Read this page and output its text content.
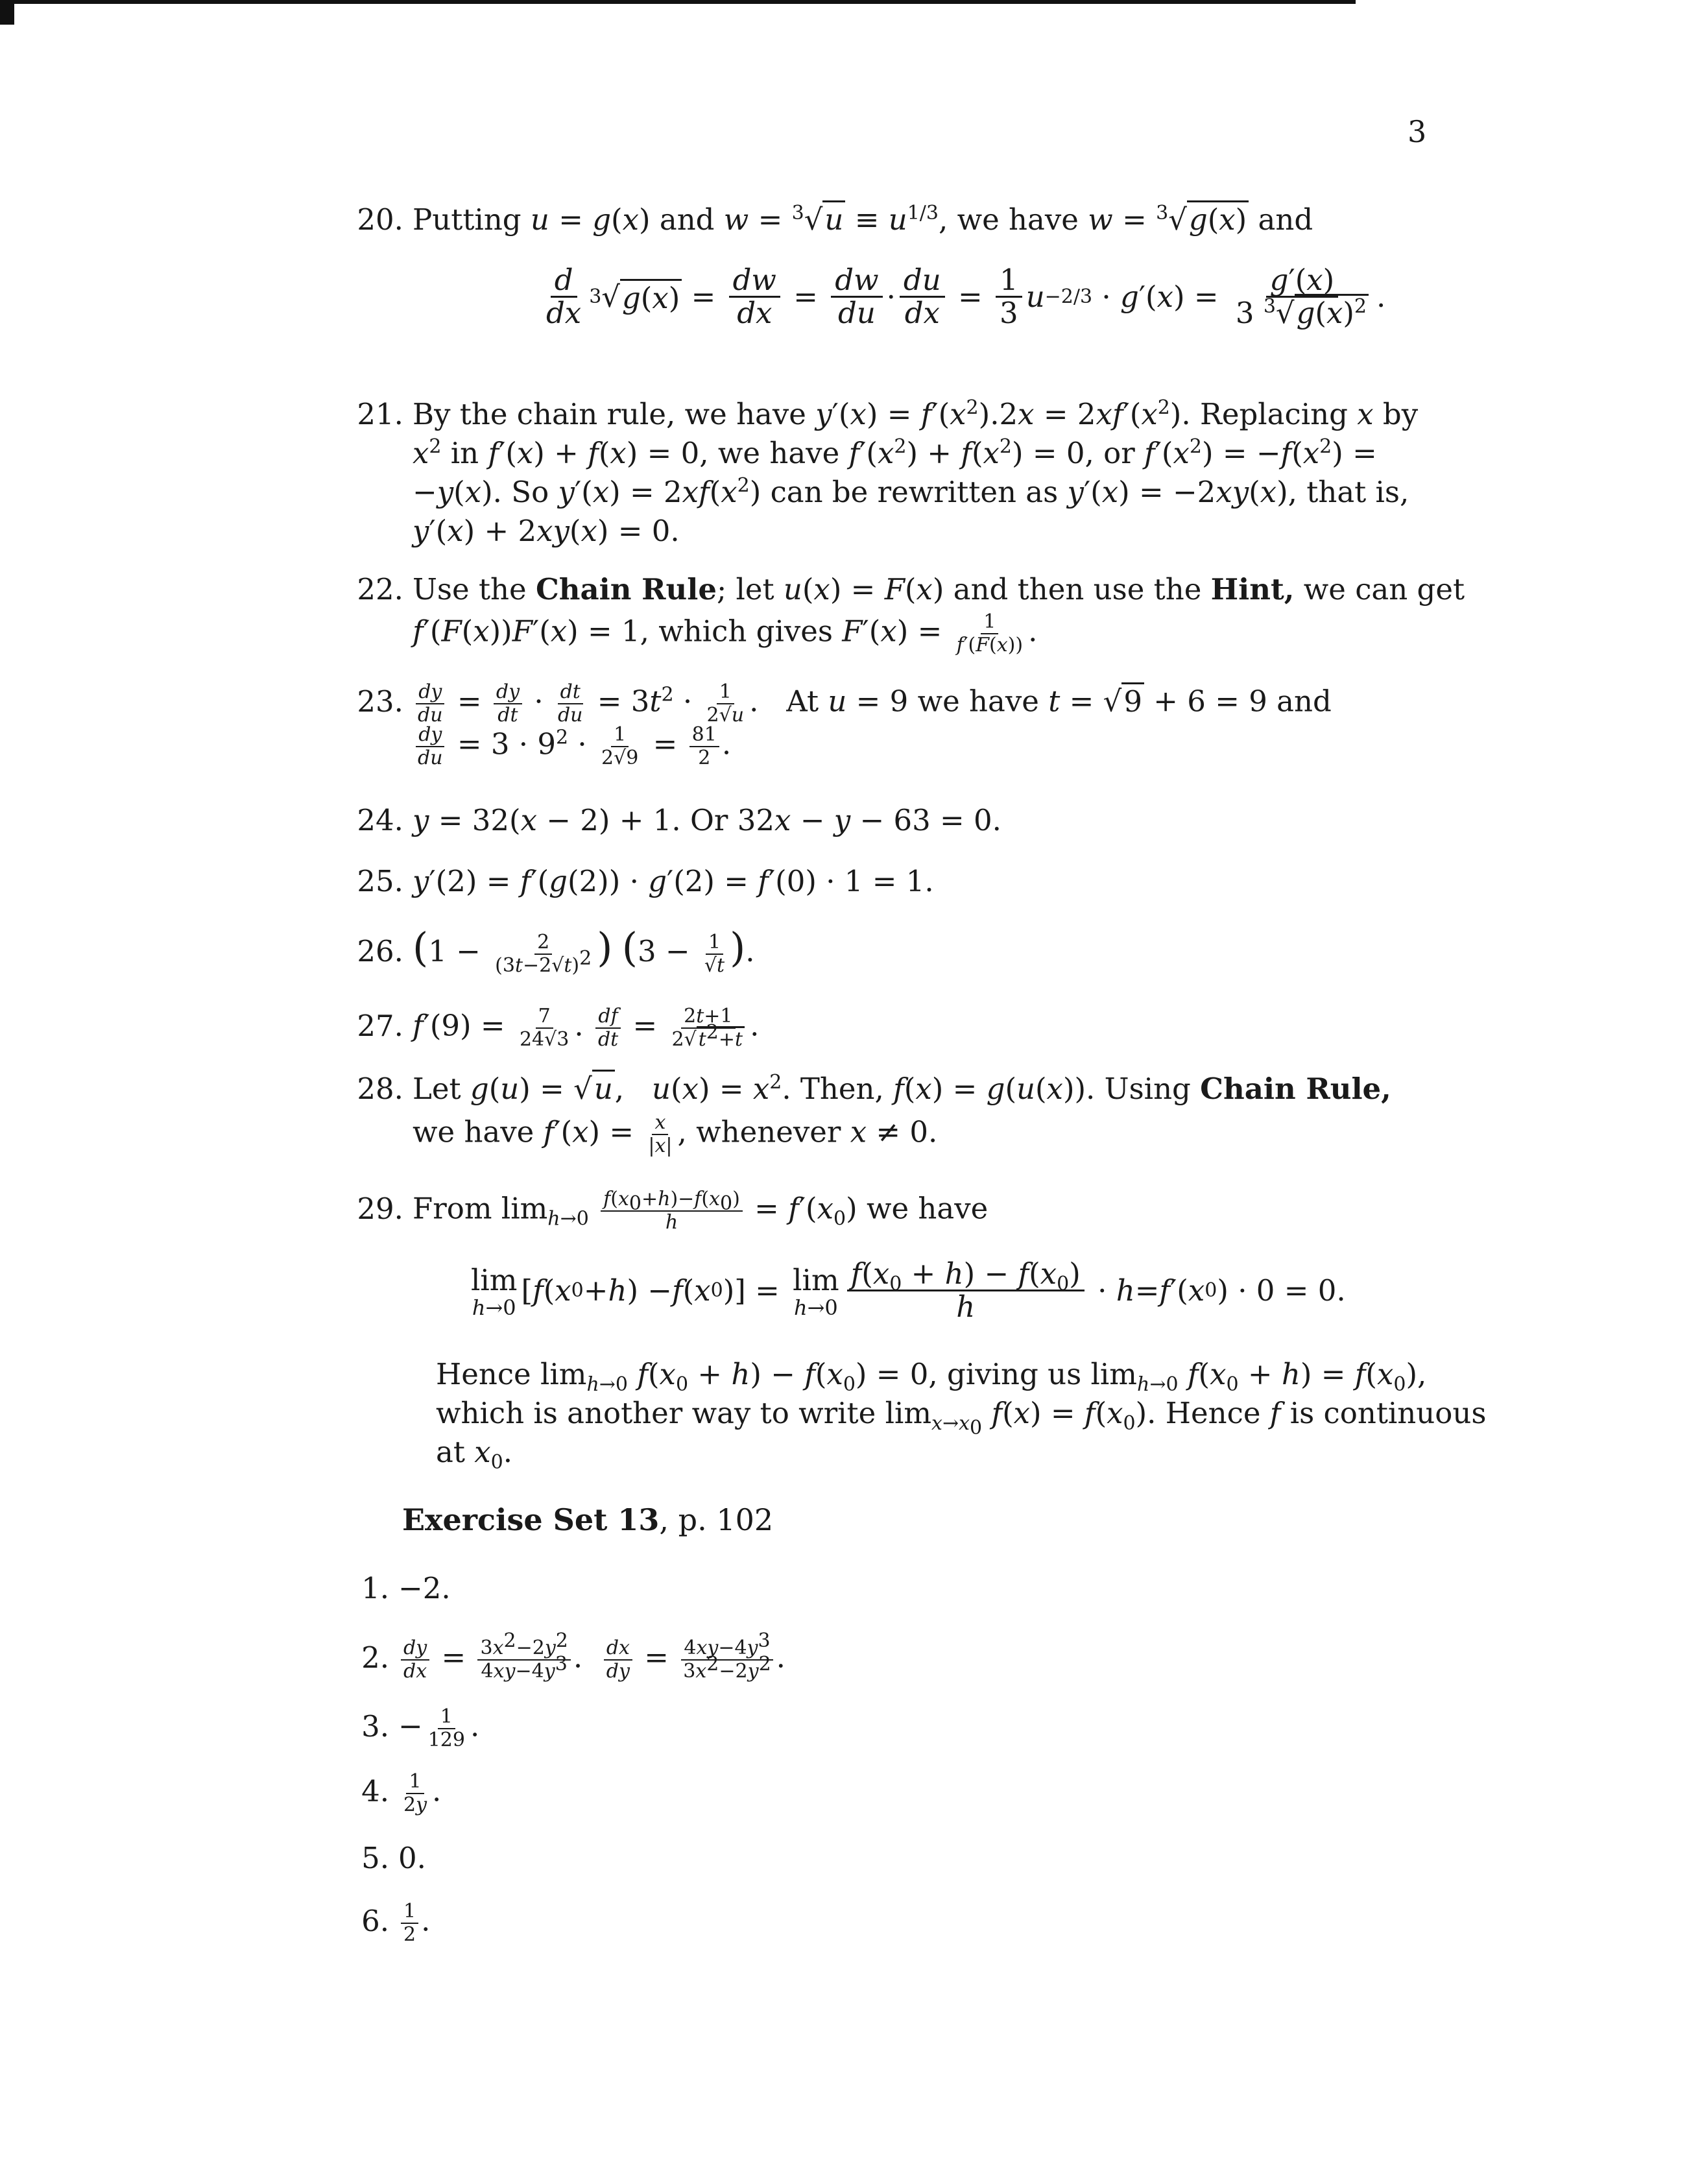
3
20. Putting u = g(x) and $w = ^3√u \equiv u^{1/3}$, we have w = $^3$√g(x) and
$\frac{d}{dx} 3$ √ $g(x) = \frac{dw}{dx} = \frac{dw}{du} \cdot \frac{du}{dx} = \frac{1}{3}$ u −2/3 · g ′( x ) = $\frac{g'(x)}{3 ^3√g(x)^2}$ .
21. By the chain rule, we have $y'(x) = f'(x^2).2x = 2xf'(x^2)$. Replacing x by
$x^2$ in f′(x) + f(x) = 0, we have $f'(x^2) + f(x^2) = 0$, or $f'(x^2) = -f(x^2)$ =
−y(x). So $y'(x) = 2xf(x^2)$ can be rewritten as y′(x) = −2xy(x), that is,
y′(x) + 2xy(x) = 0.
22. Use the Chain Rule; let u(x) = F(x) and then use the Hint, we can get
f′(F(x))F′(x) = 1, which gives $F'(x) = \frac{1}{f'(F(x))}$ .
23. $\frac{dy}{du} = \frac{dy}{dt} \cdot \frac{dt}{du} = 3t^2 \cdot \frac{1}{2√u}$ .   At u = 9 we have t = √9 + 6 = 9 and
$\frac{dy}{du} = 3 \cdot 9^2 \cdot \frac{1}{2√9} = \frac{81}{2}$ .
24. y = 32(x − 2) + 1. Or 32x − y − 63 = 0.
25. y′(2) = f′(g(2)) · g′(2) = f′(0) · 1 = 1.
26. ($1 - \frac{2}{(3t-2√t)^2}$ ) ($3 - \frac{1}{√t}$ ).
27. $f'(9) = \frac{7}{24√3}$ . $\frac{df}{dt} = \frac{2t+1}{2√ t^2+t}$ .
28. Let g(u) = √u,   $u(x) = x^2$. Then, f(x) = g(u(x)). Using Chain Rule,
we have $f'(x) = \frac{x}{|x|}$ , whenever x ≠ 0.
29. From $\lim_{h\to 0} \frac{f(x_0+h)-f(x_0)}{h} = f'(x_0)$ we have
lim
h→0 [ f ( x 0 + h ) − f ( x 0 )] = lim
$h\to 0 \frac{f(x_0 + h) - f(x_0)}{h} \cdot h = f$ ′( x 0 ) · 0 = 0.
Hence $\lim_{h\to 0} f(x_0 + h) - f(x_0) = 0$, giving us $\lim_{h\to 0} f(x_0 + h) = f(x_0)$,
which is another way to write $\lim_{x\to x_0} f(x) = f(x_0)$. Hence f is continuous
at $x_0$.
Exercise Set 13, p. 102
1. −2.
2. $\frac{dy}{dx} = \frac{3x^2-2y^2}{4xy-4y^3}$ . $\frac{dx}{dy} = \frac{4xy-4y^3}{3x^2-2y^2}$ .
3. − $\frac{1}{129}$ .
4. $\frac{1}{2y}$ .
5. 0.
6. $\frac{1}{2}$ .
